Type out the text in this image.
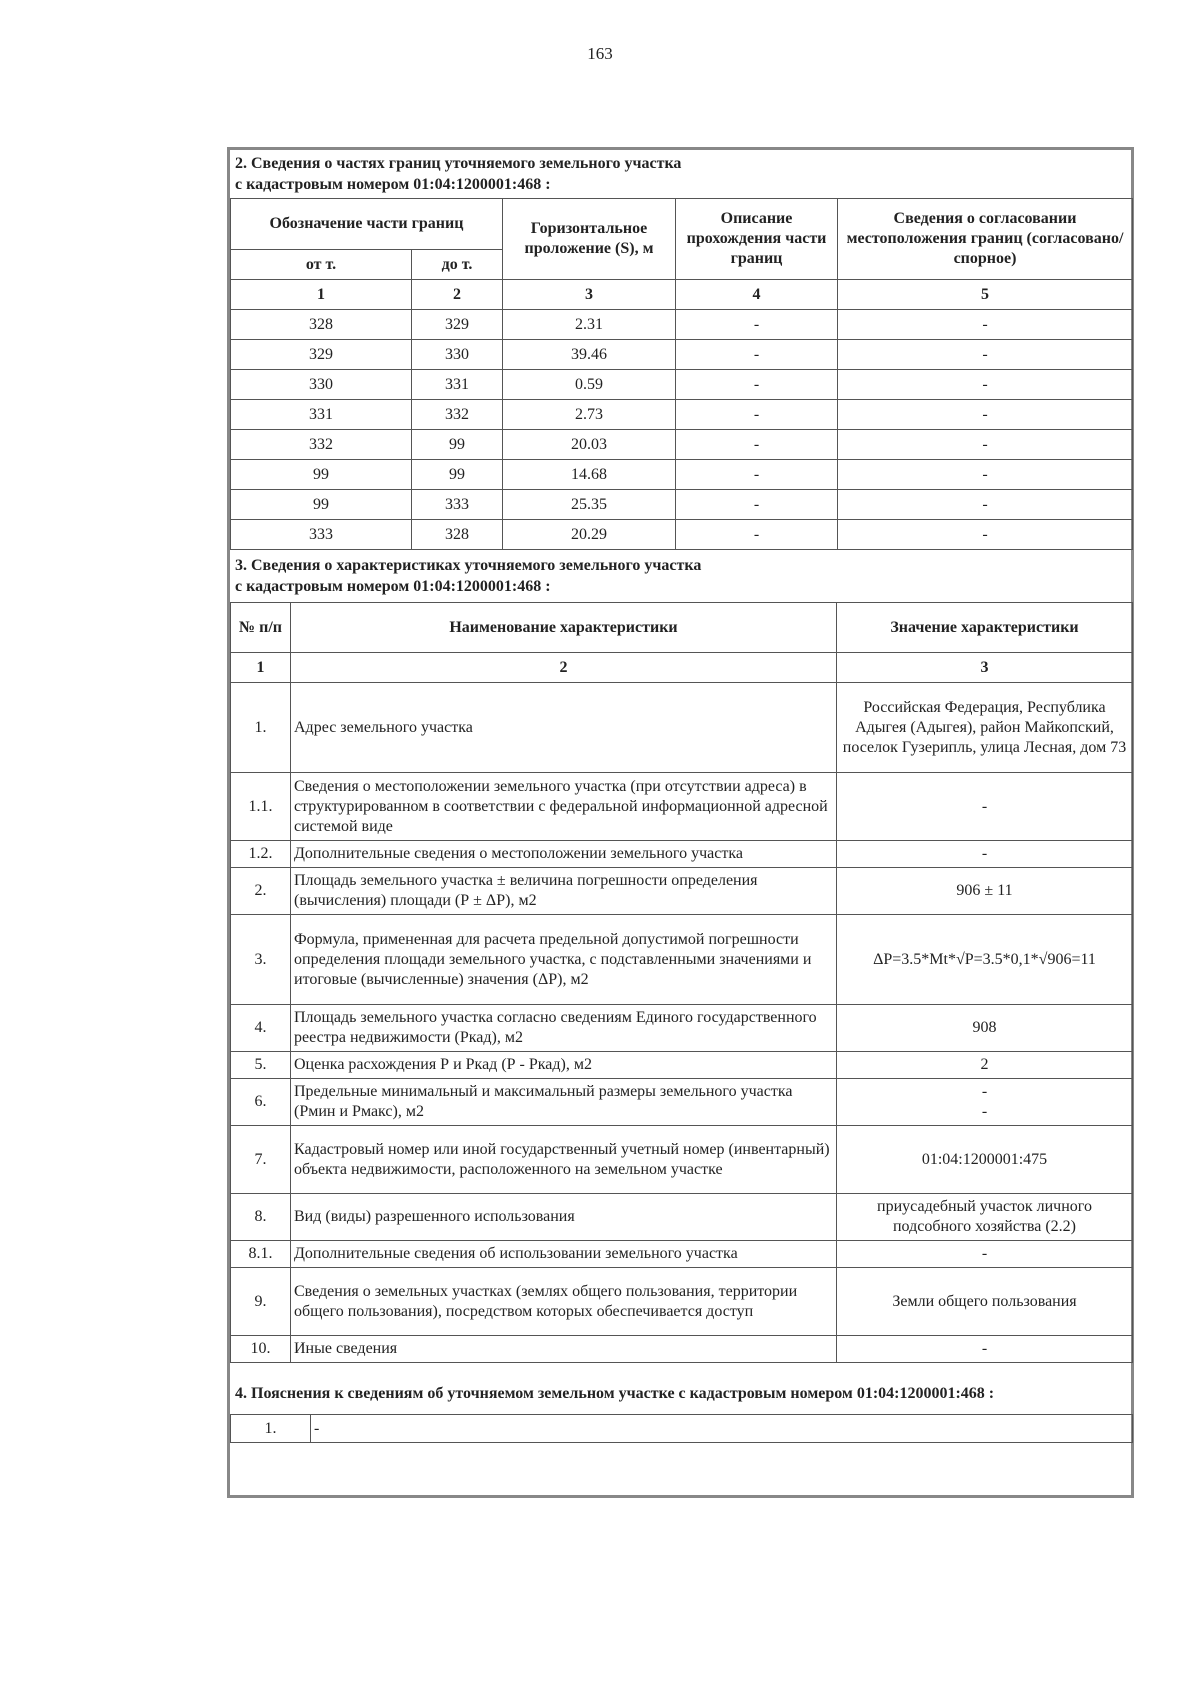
163
2. Сведения о частях границ уточняемого земельного участка
с кадастровым номером 01:04:1200001:468 :
Обозначение части границ		Горизонтальное проложение (S), м	Описание прохождения части границ	Сведения о согласовании местоположения границ (согласовано/спорное)
от т.	до т.			
1	2	3	4	5
328	329	2.31	-	-
329	330	39.46	-	-
330	331	0.59	-	-
331	332	2.73	-	-
332	99	20.03	-	-
99	99	14.68	-	-
99	333	25.35	-	-
333	328	20.29	-	-
3. Сведения о характеристиках уточняемого земельного участка
с кадастровым номером 01:04:1200001:468 :
№ п/п	Наименование характеристики	Значение характеристики
1	2	3
1.	Адрес земельного участка	Российская Федерация, Республика Адыгея (Адыгея), район Майкопский, поселок Гузерипль, улица Лесная, дом 73
1.1.	Сведения о местоположении земельного участка (при отсутствии адреса) в структурированном в соответствии с федеральной информационной адресной системой виде	-
1.2.	Дополнительные сведения о местоположении земельного участка	-
2.	Площадь земельного участка ± величина погрешности определения (вычисления) площади (Р ± ΔР), м2	906 ± 11
3.	Формула, примененная для расчета предельной допустимой погрешности определения площади земельного участка, с подставленными значениями и итоговые (вычисленные) значения (ΔР), м2	ΔP=3.5*Mt*√P=3.5*0,1*√906=11
4.	Площадь земельного участка согласно сведениям Единого государственного реестра недвижимости (Ркад), м2	908
5.	Оценка расхождения Р и Ркад (Р - Ркад), м2	2
6.	Предельные минимальный и максимальный размеры земельного участка (Рмин и Рмакс), м2	-
-

7.	Кадастровый номер или иной государственный учетный номер (инвентарный) объекта недвижимости, расположенного на земельном участке	01:04:1200001:475
8.	Вид (виды) разрешенного использования	приусадебный участок личного подсобного хозяйства (2.2)
8.1.	Дополнительные сведения об использовании земельного участка	-
9.	Сведения о земельных участках (землях общего пользования, территории общего пользования), посредством которых обеспечивается доступ	Земли общего пользования
10.	Иные сведения	-
4. Пояснения к сведениям об уточняемом земельном участке с кадастровым номером 01:04:1200001:468 :
1.	-
